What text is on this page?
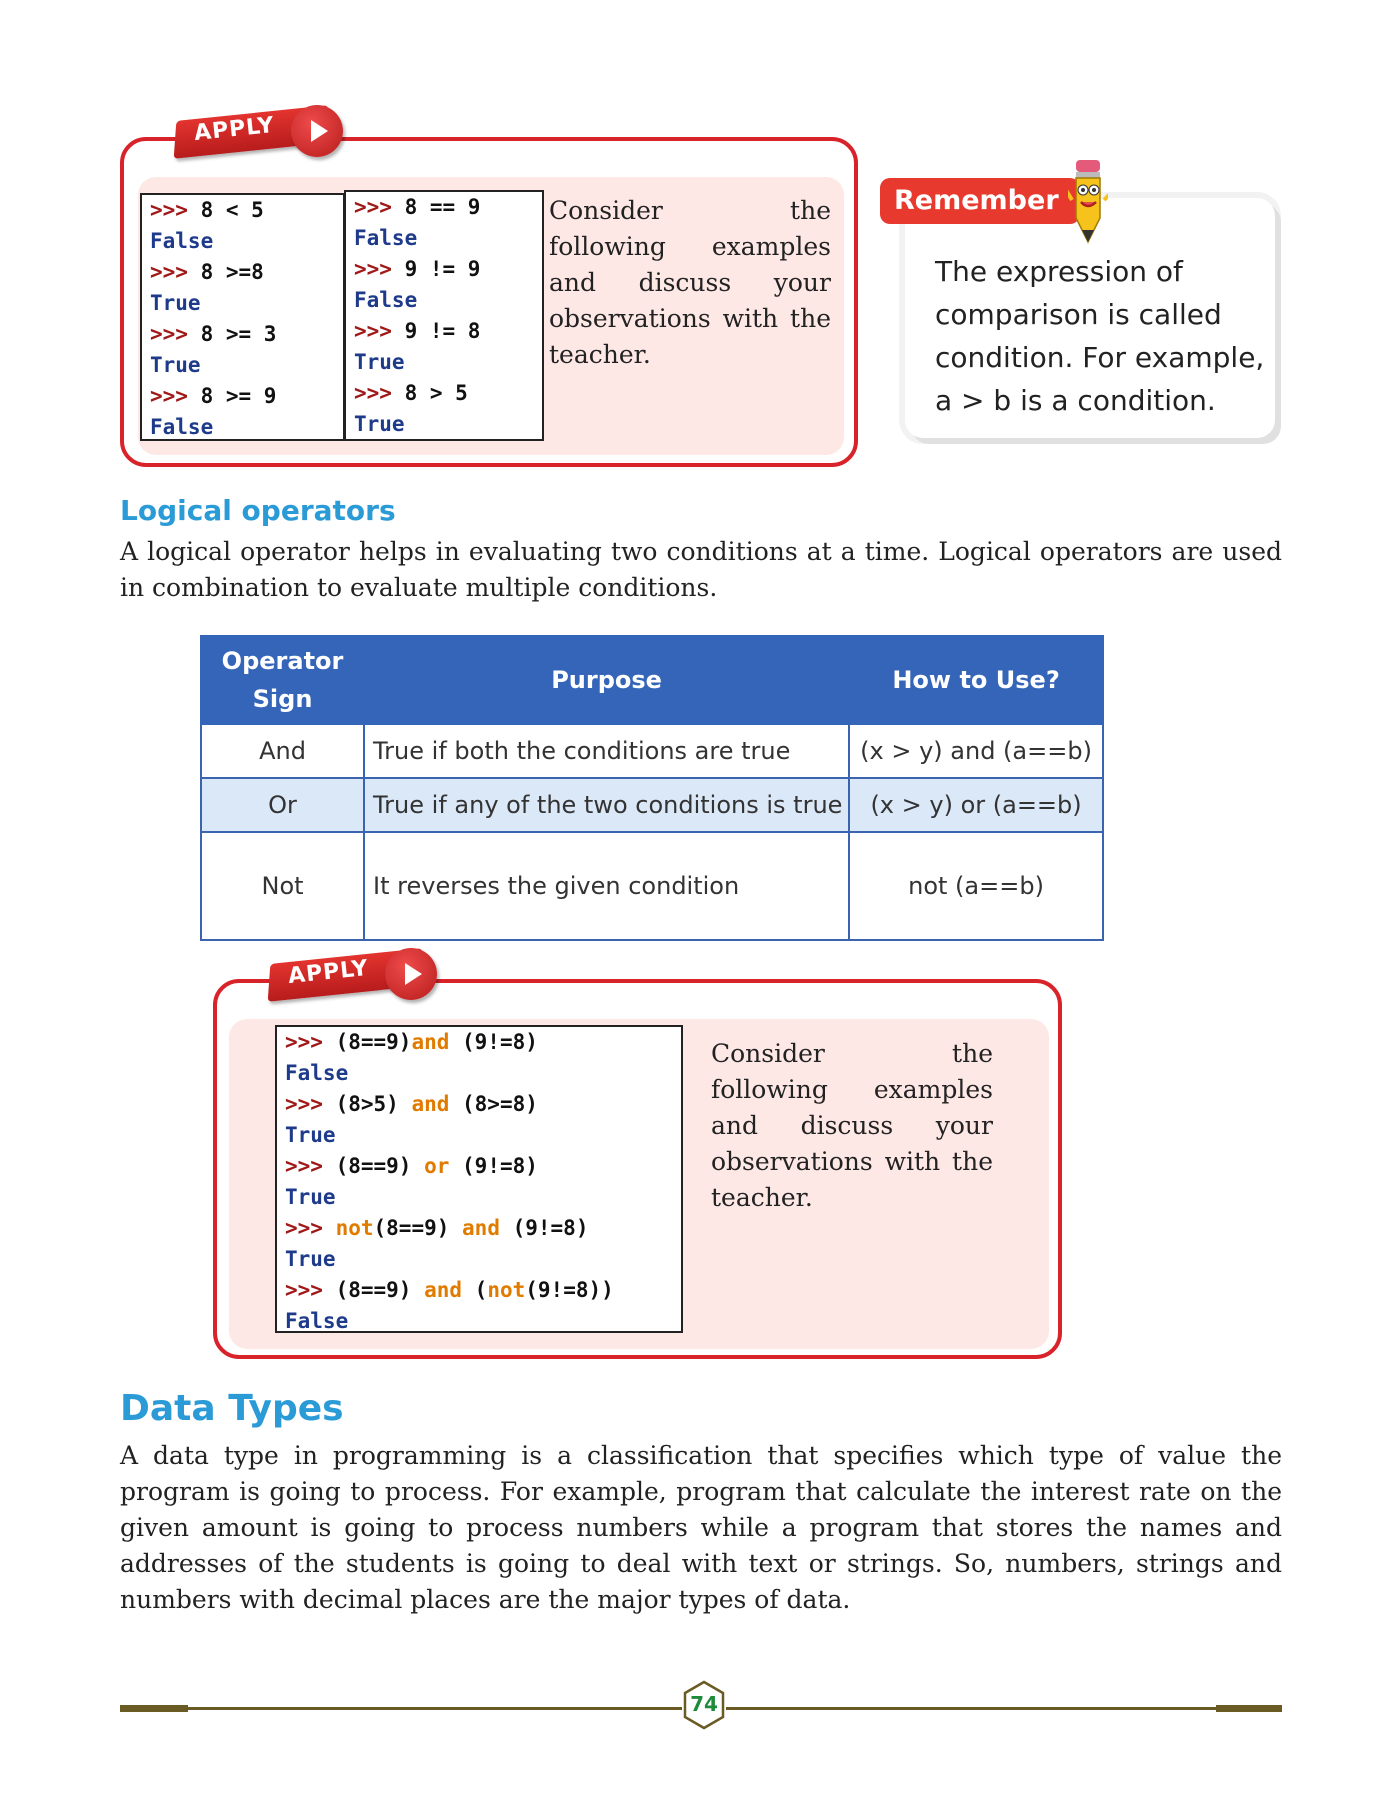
APPLY
>>> 8 < 5
False
>>> 8 >=8
True
>>> 8 >= 3
True
>>> 8 >= 9
False
>>> 8 == 9
False
>>> 9 != 9
False
>>> 9 != 8
True
>>> 8 > 5
True
Consider the following examples and discuss your observations with the teacher.
Remember
The expression of comparison is called condition. For example, a > b is a condition.
Logical operators
A logical operator helps in evaluating two conditions at a time. Logical operators are used in combination to evaluate multiple conditions.
Operator Sign	Purpose	How to Use?
And	True if both the conditions are true	(x > y) and (a==b)
Or	True if any of the two conditions is true	(x > y) or (a==b)
Not	It reverses the given condition	not (a==b)
APPLY
>>> (8==9)and (9!=8)
False
>>> (8>5) and (8>=8)
True
>>> (8==9) or (9!=8)
True
>>> not(8==9) and (9!=8)
True
>>> (8==9) and (not(9!=8))
False
Consider the following examples and discuss your observations with the teacher.
Data Types
A data type in programming is a classification that specifies which type of value the program is going to process. For example, program that calculate the interest rate on the given amount is going to process numbers while a program that stores the names and addresses of the students is going to deal with text or strings. So, numbers, strings and numbers with decimal places are the major types of data.
74
